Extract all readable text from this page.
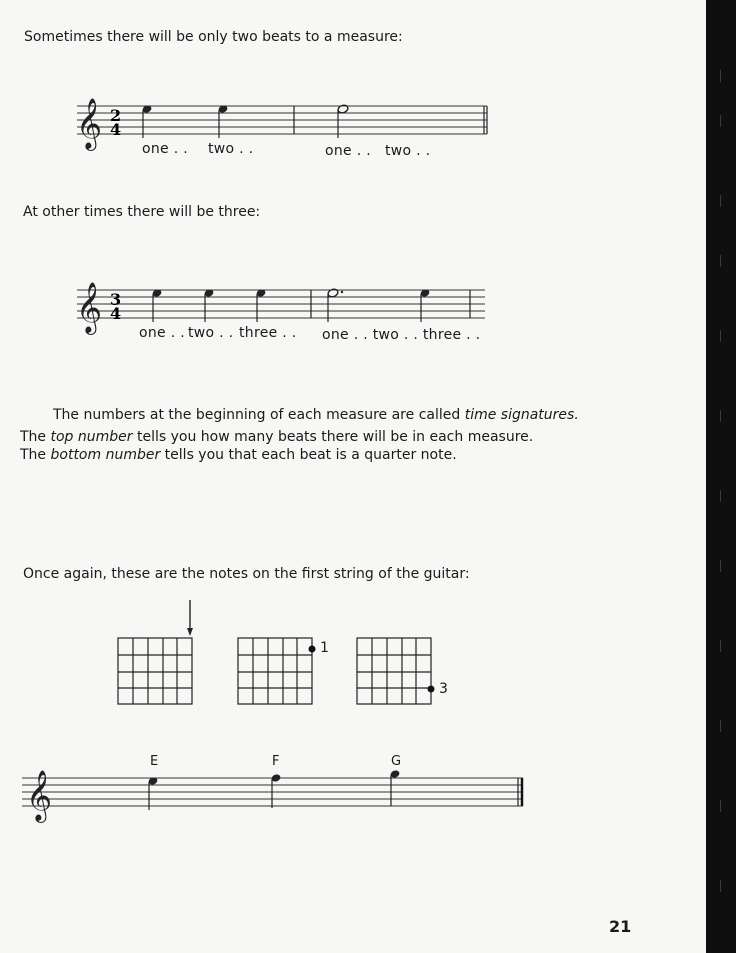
Sometimes there will be only two beats to a measure:
𝄞 2
4
one . . two . .	one . . two . .
At other times there will be three:
𝄞 3
4
one . . two . . three . . one . . two . . three . .
The numbers at the beginning of each measure are called time signatures.
The top number tells you how many beats there will be in each measure.
The bottom number tells you that each beat is a quarter note.
Once again, these are the notes on the first string of the guitar:
1
3
E	F	G
𝄞
21
